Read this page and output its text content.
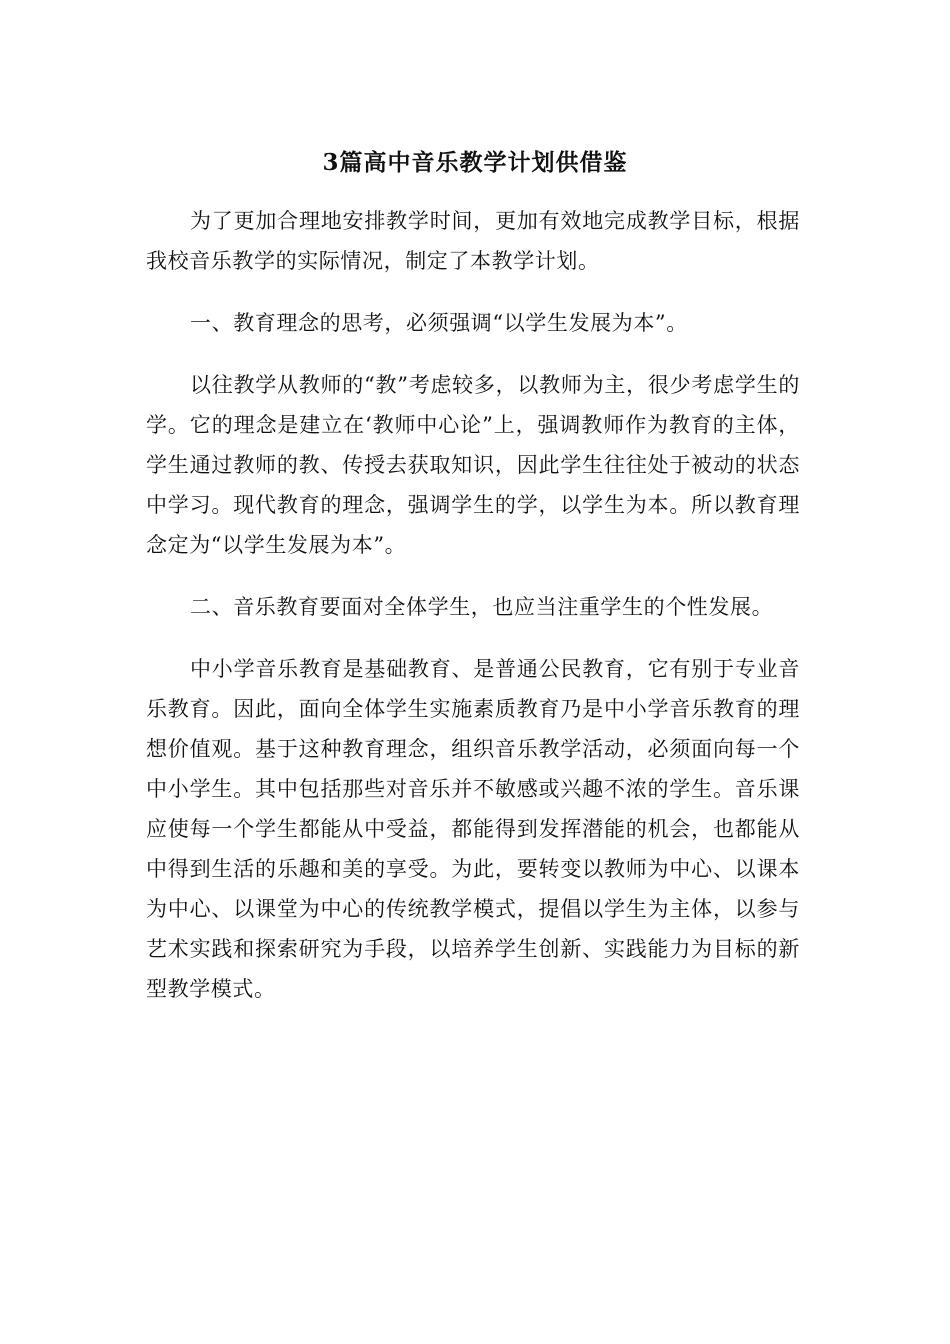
3篇高中音乐教学计划供借鉴

为了更加合理地安排教学时间，更加有效地完成教学目标，根据我校音乐教学的实际情况，制定了本教学计划。

一、教育理念的思考，必须强调“以学生发展为本”。

以往教学从教师的“教”考虑较多，以教师为主，很少考虑学生的学。它的理念是建立在‘教师中心论”上，强调教师作为教育的主体，学生通过教师的教、传授去获取知识，因此学生往往处于被动的状态中学习。现代教育的理念，强调学生的学，以学生为本。所以教育理念定为“以学生发展为本”。

二、音乐教育要面对全体学生，也应当注重学生的个性发展。

中小学音乐教育是基础教育、是普通公民教育，它有别于专业音乐教育。因此，面向全体学生实施素质教育乃是中小学音乐教育的理想价值观。基于这种教育理念，组织音乐教学活动，必须面向每一个中小学生。其中包括那些对音乐并不敏感或兴趣不浓的学生。音乐课应使每一个学生都能从中受益，都能得到发挥潜能的机会，也都能从中得到生活的乐趣和美的享受。为此，要转变以教师为中心、以课本为中心、以课堂为中心的传统教学模式，提倡以学生为主体，以参与艺术实践和探索研究为手段，以培养学生创新、实践能力为目标的新型教学模式。
